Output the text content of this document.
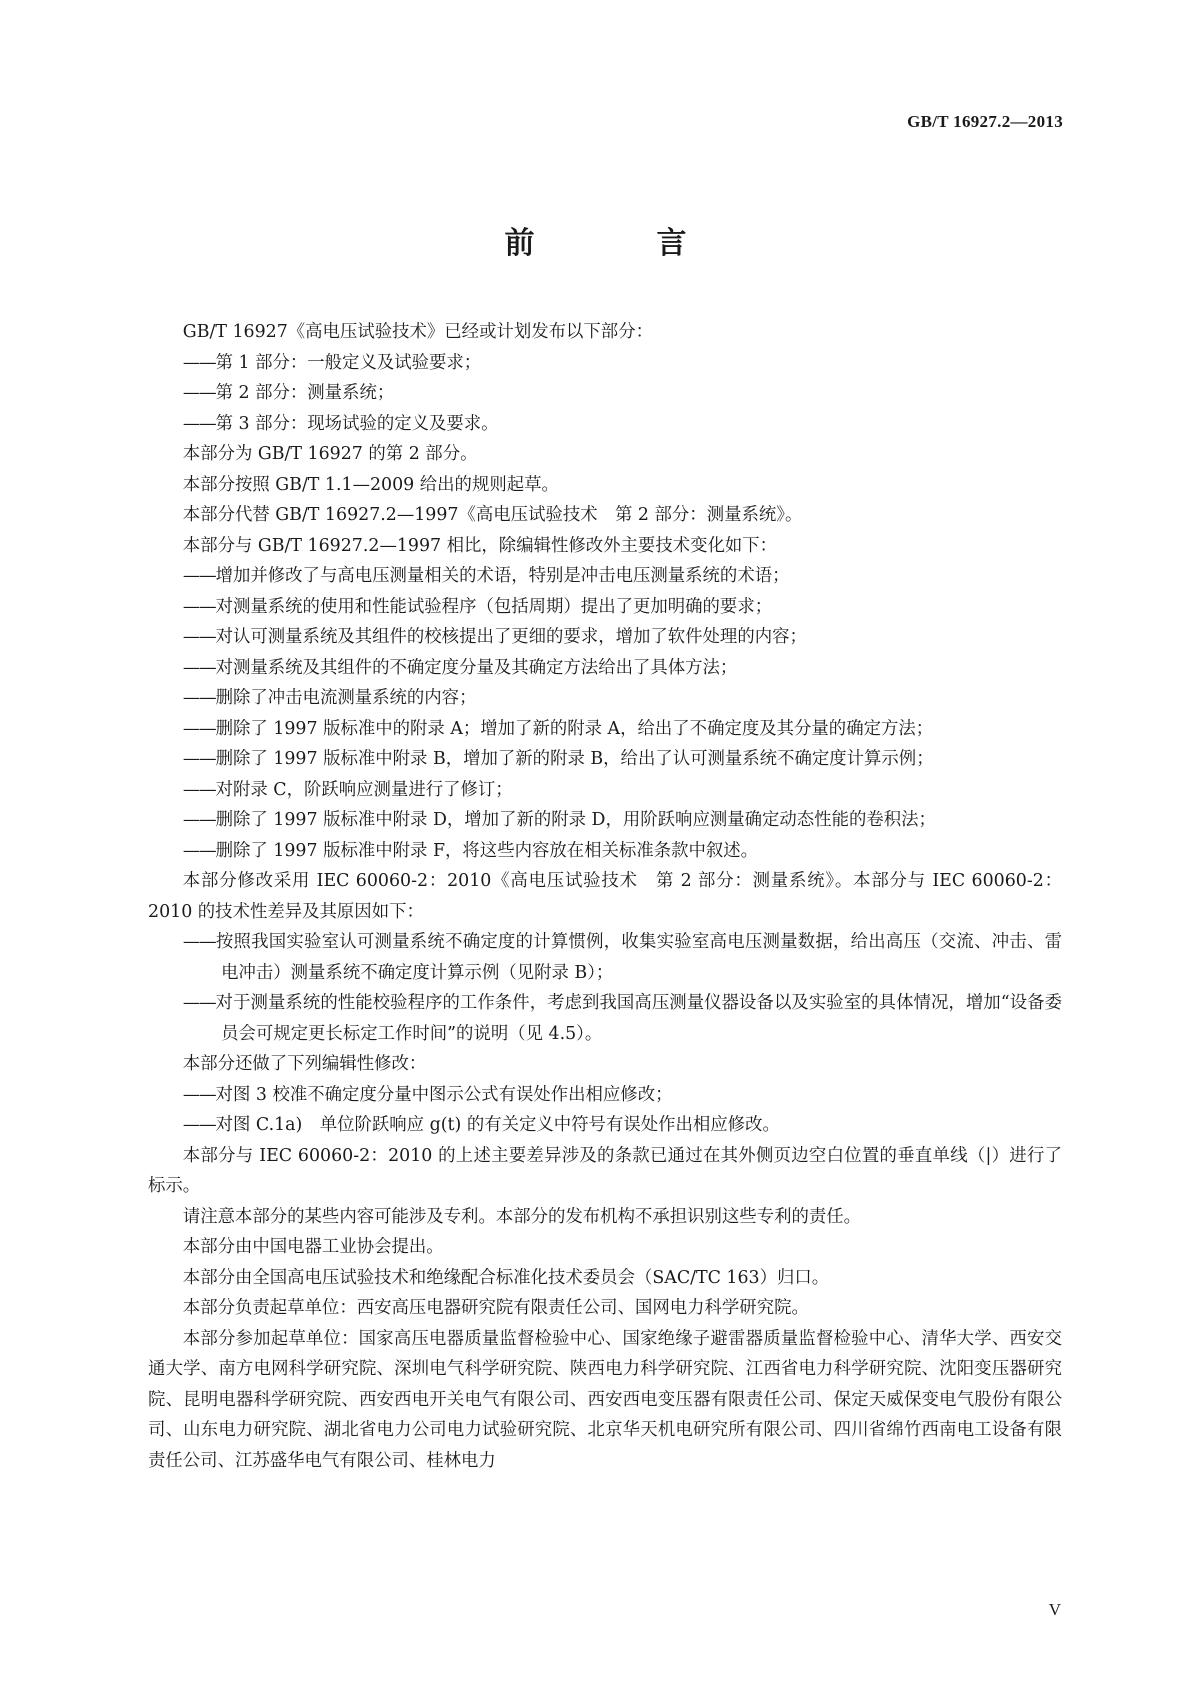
GB/T 16927.2—2013
前　言

GB/T 16927《高电压试验技术》已经或计划发布以下部分：

—— 第 1 部分：一般定义及试验要求；

—— 第 2 部分：测量系统；

—— 第 3 部分：现场试验的定义及要求。

本部分为 GB/T 16927 的第 2 部分。

本部分按照 GB/T 1.1—2009 给出的规则起草。

本部分代替 GB/T 16927.2—1997《高电压试验技术　第 2 部分：测量系统》。

本部分与 GB/T 16927.2—1997 相比，除编辑性修改外主要技术变化如下：

—— 增加并修改了与高电压测量相关的术语，特别是冲击电压测量系统的术语；

—— 对测量系统的使用和性能试验程序（包括周期）提出了更加明确的要求；

—— 对认可测量系统及其组件的校核提出了更细的要求，增加了软件处理的内容；

—— 对测量系统及其组件的不确定度分量及其确定方法给出了具体方法；

—— 删除了冲击电流测量系统的内容；

—— 删除了 1997 版标准中的附录 A；增加了新的附录 A，给出了不确定度及其分量的确定方法；

—— 删除了 1997 版标准中附录 B，增加了新的附录 B，给出了认可测量系统不确定度计算示例；

—— 对附录 C，阶跃响应测量进行了修订；

—— 删除了 1997 版标准中附录 D，增加了新的附录 D，用阶跃响应测量确定动态性能的卷积法；

—— 删除了 1997 版标准中附录 F，将这些内容放在相关标准条款中叙述。

本部分修改采用 IEC 60060-2：2010《高电压试验技术　第 2 部分：测量系统》。本部分与 IEC 60060-2：2010 的技术性差异及其原因如下：

—— 按照我国实验室认可测量系统不确定度的计算惯例，收集实验室高电压测量数据，给出高压（交流、冲击、雷电冲击）测量系统不确定度计算示例（见附录 B）；

—— 对于测量系统的性能校验程序的工作条件，考虑到我国高压测量仪器设备以及实验室的具体情况，增加“设备委员会可规定更长标定工作时间”的说明（见 4.5）。

本部分还做了下列编辑性修改：

—— 对图 3 校准不确定度分量中图示公式有误处作出相应修改；

—— 对图 C.1a)　单位阶跃响应 g(t) 的有关定义中符号有误处作出相应修改。

本部分与 IEC 60060-2：2010 的上述主要差异涉及的条款已通过在其外侧页边空白位置的垂直单线（|）进行了标示。

请注意本部分的某些内容可能涉及专利。本部分的发布机构不承担识别这些专利的责任。

本部分由中国电器工业协会提出。

本部分由全国高电压试验技术和绝缘配合标准化技术委员会（SAC/TC 163）归口。

本部分负责起草单位：西安高压电器研究院有限责任公司、国网电力科学研究院。

本部分参加起草单位：国家高压电器质量监督检验中心、国家绝缘子避雷器质量监督检验中心、清华大学、西安交通大学、南方电网科学研究院、深圳电气科学研究院、陕西电力科学研究院、江西省电力科学研究院、沈阳变压器研究院、昆明电器科学研究院、西安西电开关电气有限公司、西安西电变压器有限责任公司、保定天威保变电气股份有限公司、山东电力研究院、湖北省电力公司电力试验研究院、北京华天机电研究所有限公司、四川省绵竹西南电工设备有限责任公司、江苏盛华电气有限公司、桂林电力

V
